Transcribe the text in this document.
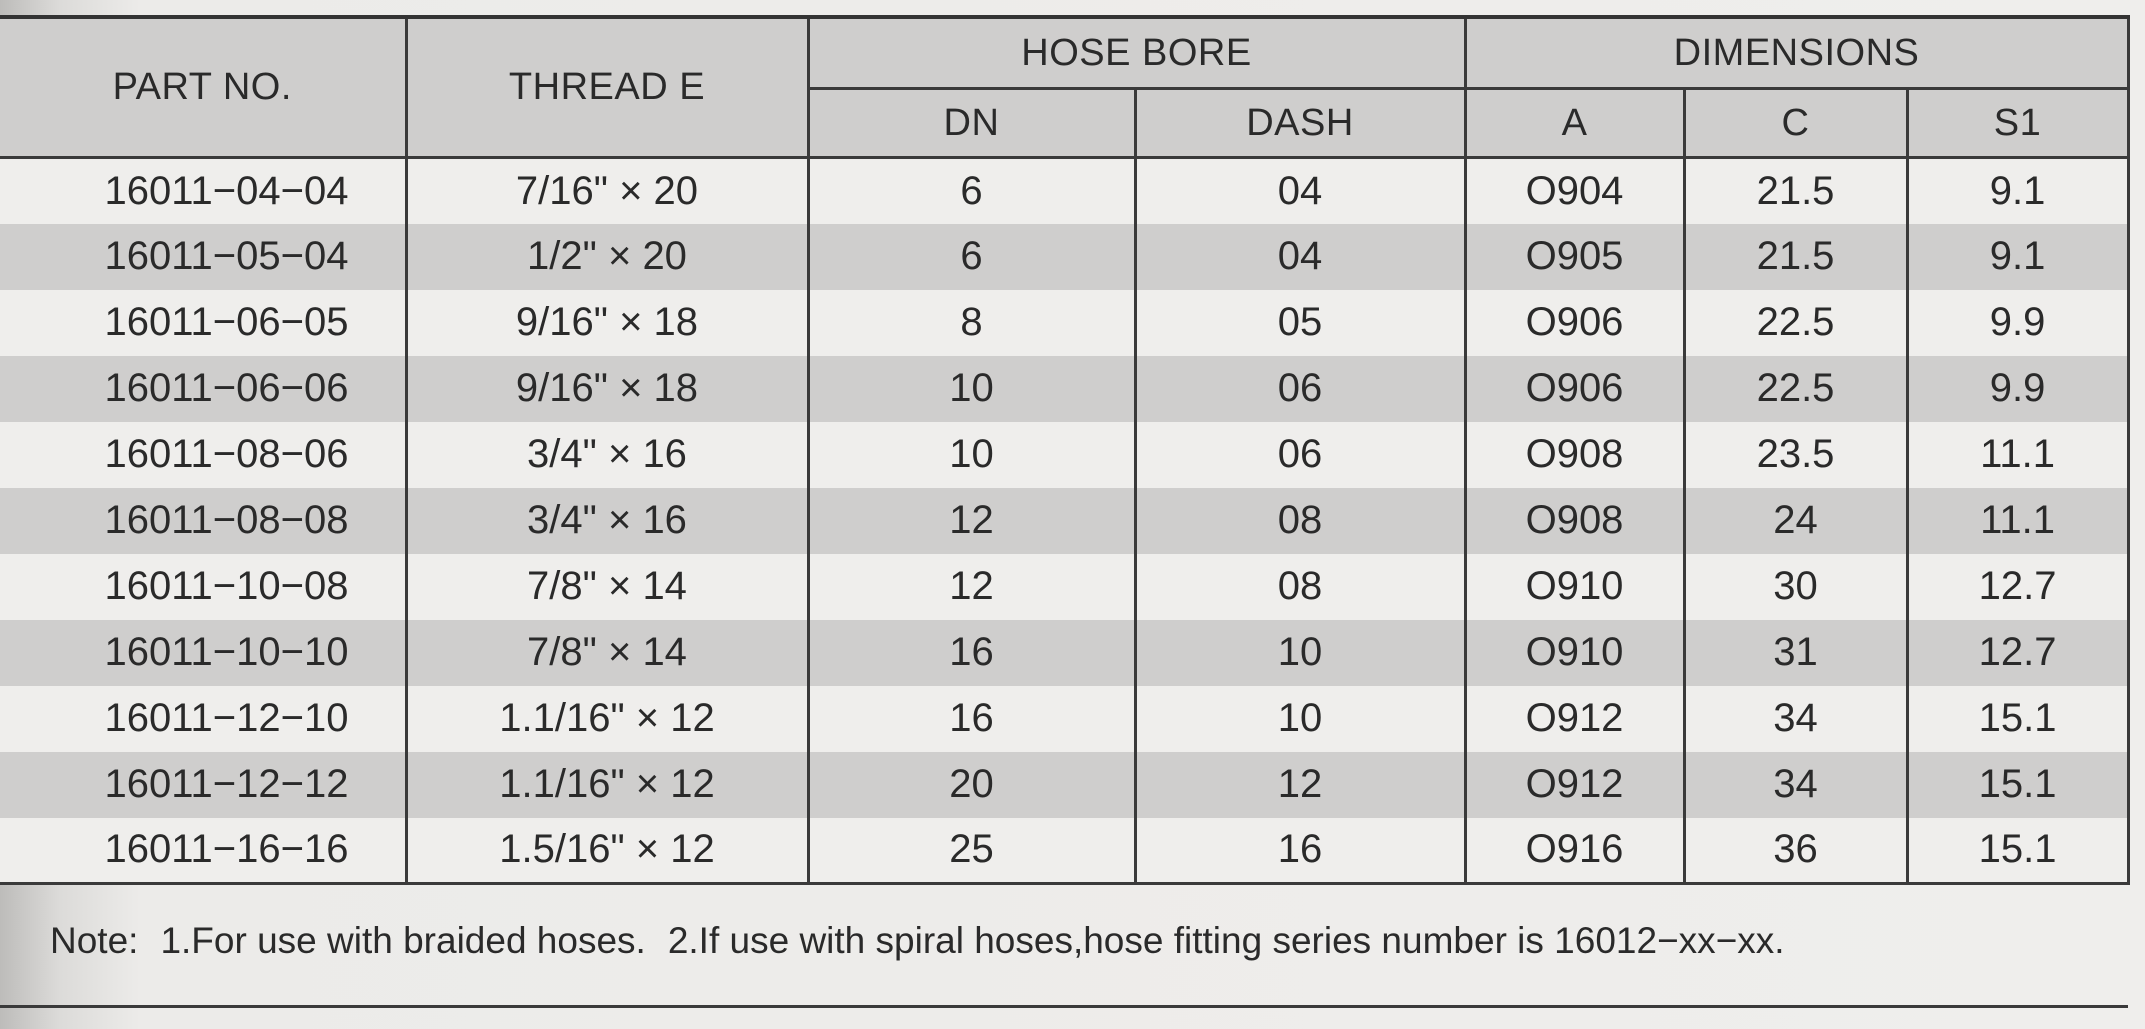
PART NO.	THREAD E	HOSE BORE		DIMENSIONS		
		DN	DASH	A	C	S1
16011−04−04	7/16" × 20	6	04	O904	21.5	9.1
16011−05−04	1/2" × 20	6	04	O905	21.5	9.1
16011−06−05	9/16" × 18	8	05	O906	22.5	9.9
16011−06−06	9/16" × 18	10	06	O906	22.5	9.9
16011−08−06	3/4" × 16	10	06	O908	23.5	11.1
16011−08−08	3/4" × 16	12	08	O908	24	11.1
16011−10−08	7/8" × 14	12	08	O910	30	12.7
16011−10−10	7/8" × 14	16	10	O910	31	12.7
16011−12−10	1.1/16" × 12	16	10	O912	34	15.1
16011−12−12	1.1/16" × 12	20	12	O912	34	15.1
16011−16−16	1.5/16" × 12	25	16	O916	36	15.1
Note: 1.For use with braided hoses. 2.If use with spiral hoses,hose fitting series number is 16012−xx−xx.
